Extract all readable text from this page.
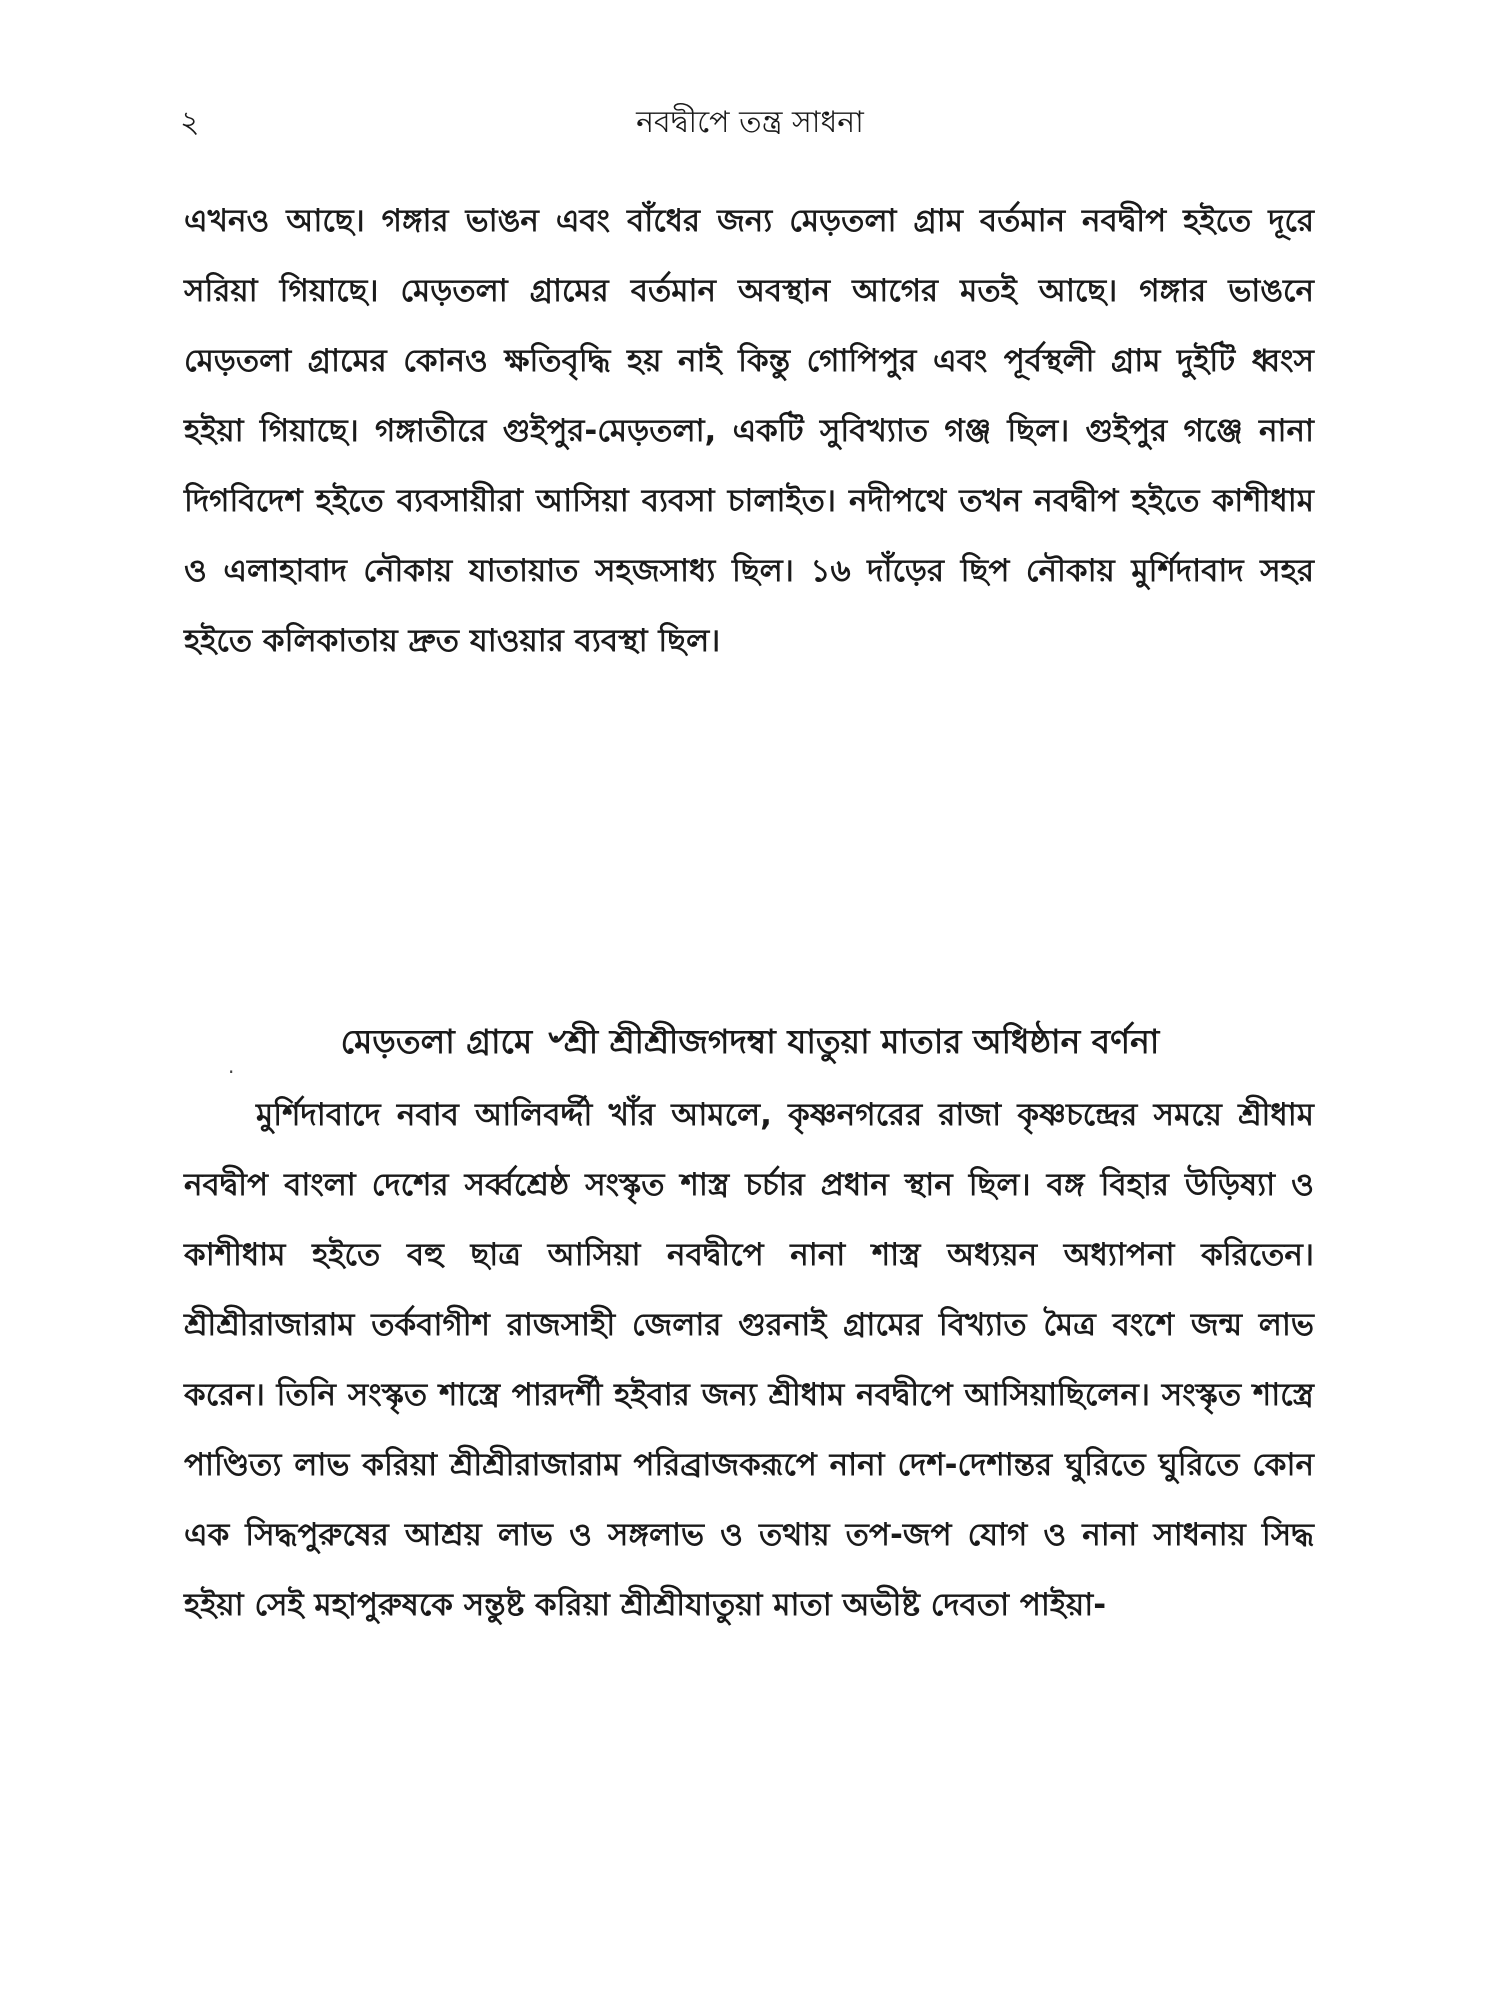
২	নবদ্বীপে তন্ত্র সাধনা

এখনও আছে। গঙ্গার ভাঙন এবং বাঁধের জন্য মেড়তলা গ্রাম বর্তমান নবদ্বীপ হইতে দূরে সরিয়া গিয়াছে। মেড়তলা গ্রামের বর্তমান অবস্থান আগের মতই আছে। গঙ্গার ভাঙনে মেড়তলা গ্রামের কোনও ক্ষতিবৃদ্ধি হয় নাই কিন্তু গোপিপুর এবং পূর্বস্থলী গ্রাম দুইটি ধ্বংস হইয়া গিয়াছে। গঙ্গাতীরে গুইপুর-মেড়তলা, একটি সুবিখ্যাত গঞ্জ ছিল। গুইপুর গঞ্জে নানা দিগবিদেশ হইতে ব্যবসায়ীরা আসিয়া ব্যবসা চালাইত। নদীপথে তখন নবদ্বীপ হইতে কাশীধাম ও এলাহাবাদ নৌকায় যাতায়াত সহজসাধ্য ছিল। ১৬ দাঁড়ের ছিপ নৌকায় মুর্শিদাবাদ সহর হইতে কলিকাতায় দ্রুত যাওয়ার ব্যবস্থা ছিল।

মেড়তলা গ্রামে ৺শ্রী শ্রীশ্রীজগদম্বা যাতুয়া মাতার অধিষ্ঠান বর্ণনা
·

মুর্শিদাবাদে নবাব আলিবর্দ্দী খাঁর আমলে, কৃষ্ণনগরের রাজা কৃষ্ণচন্দ্রের সময়ে শ্রীধাম নবদ্বীপ বাংলা দেশের সর্ব্বশ্রেষ্ঠ সংস্কৃত শাস্ত্র চর্চার প্রধান স্থান ছিল। বঙ্গ বিহার উড়িষ্যা ও কাশীধাম হইতে বহু ছাত্র আসিয়া নবদ্বীপে নানা শাস্ত্র অধ্যয়ন অধ্যাপনা করিতেন। শ্রীশ্রীরাজারাম তর্কবাগীশ রাজসাহী জেলার গুরনাই গ্রামের বিখ্যাত মৈত্র বংশে জন্ম লাভ করেন। তিনি সংস্কৃত শাস্ত্রে পারদর্শী হইবার জন্য শ্রীধাম নবদ্বীপে আসিয়াছিলেন। সংস্কৃত শাস্ত্রে পাণ্ডিত্য লাভ করিয়া শ্রীশ্রীরাজারাম পরিব্রাজকরূপে নানা দেশ-দেশান্তর ঘুরিতে ঘুরিতে কোন এক সিদ্ধপুরুষের আশ্রয় লাভ ও সঙ্গলাভ ও তথায় তপ-জপ যোগ ও নানা সাধনায় সিদ্ধ হইয়া সেই মহাপুরুষকে সন্তুষ্ট করিয়া শ্রীশ্রীযাতুয়া মাতা অভীষ্ট দেবতা পাইয়া-
